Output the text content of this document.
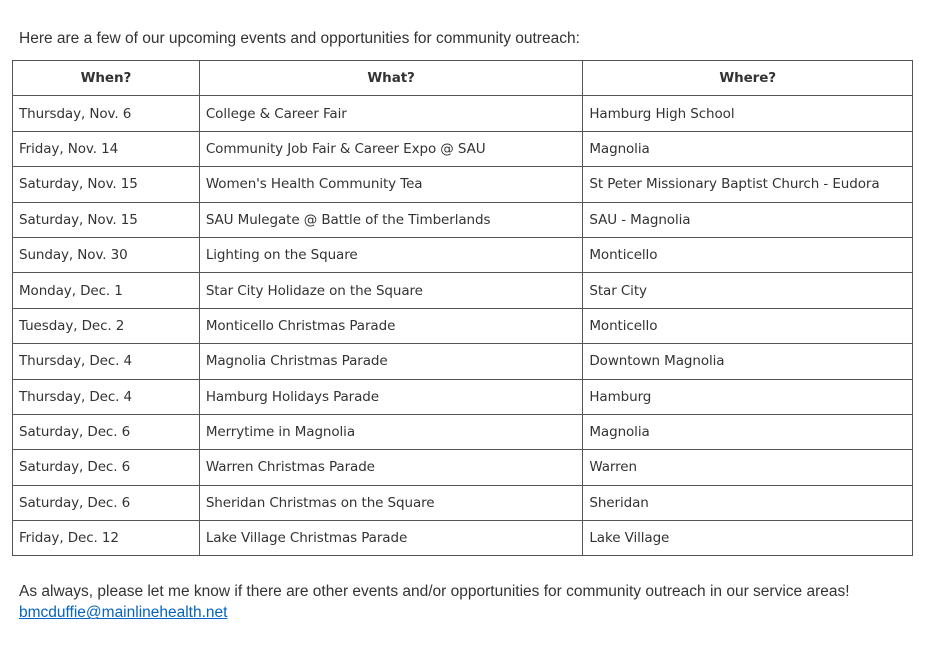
Here are a few of our upcoming events and opportunities for community outreach:
When?	What?	Where?
Thursday, Nov. 6	College & Career Fair	Hamburg High School
Friday, Nov. 14	Community Job Fair & Career Expo @ SAU	Magnolia
Saturday, Nov. 15	Women's Health Community Tea	St Peter Missionary Baptist Church - Eudora
Saturday, Nov. 15	SAU Mulegate @ Battle of the Timberlands	SAU - Magnolia
Sunday, Nov. 30	Lighting on the Square	Monticello
Monday, Dec. 1	Star City Holidaze on the Square	Star City
Tuesday, Dec. 2	Monticello Christmas Parade	Monticello
Thursday, Dec. 4	Magnolia Christmas Parade	Downtown Magnolia
Thursday, Dec. 4	Hamburg Holidays Parade	Hamburg
Saturday, Dec. 6	Merrytime in Magnolia	Magnolia
Saturday, Dec. 6	Warren Christmas Parade	Warren
Saturday, Dec. 6	Sheridan Christmas on the Square	Sheridan
Friday, Dec. 12	Lake Village Christmas Parade	Lake Village
As always, please let me know if there are other events and/or opportunities for community outreach in our service areas!
bmcduffie@mainlinehealth.net
